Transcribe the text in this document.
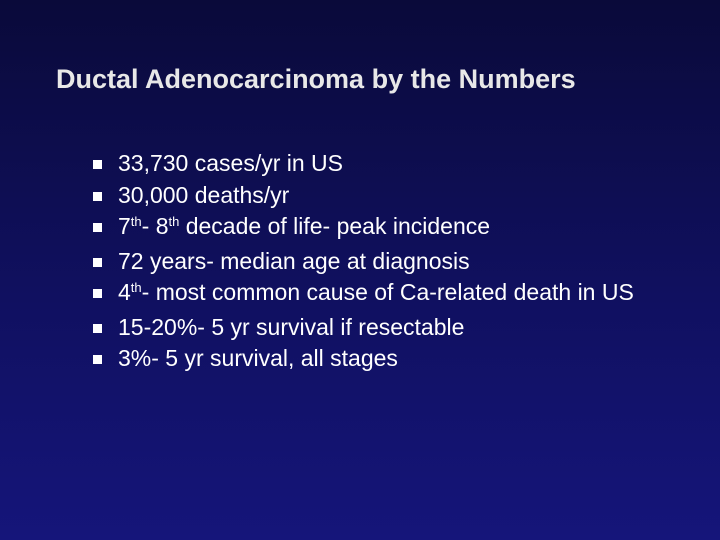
Ductal Adenocarcinoma by the Numbers
33,730 cases/yr in US
30,000 deaths/yr
7th- 8th decade of life- peak incidence
72 years- median age at diagnosis
4th- most common cause of Ca-related death in US
15-20%- 5 yr survival if resectable
3%- 5 yr survival, all stages
